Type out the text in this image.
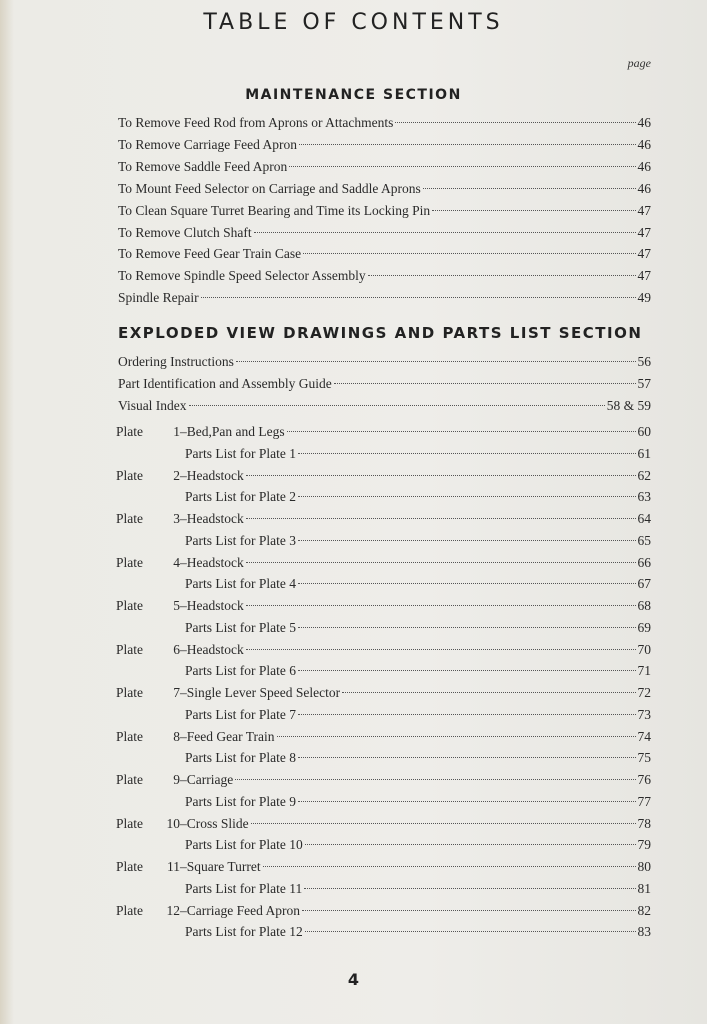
TABLE OF CONTENTS
page
MAINTENANCE SECTION
EXPLODED VIEW DRAWINGS AND PARTS LIST SECTION
To Remove Feed Rod from Aprons or Attachments	46
To Remove Carriage Feed Apron	46
To Remove Saddle Feed Apron	46
To Mount Feed Selector on Carriage and Saddle Aprons	46
To Clean Square Turret Bearing and Time its Locking Pin	47
To Remove Clutch Shaft	47
To Remove Feed Gear Train Case	47
To Remove Spindle Speed Selector Assembly	47
Spindle Repair	49
Ordering Instructions	56
Part Identification and Assembly Guide	57
Visual Index	58 & 59
Plate 1–Bed,Pan and Legs	60
Parts List for Plate 1	61
Plate 2–Headstock	62
Parts List for Plate 2	63
Plate 3–Headstock	64
Parts List for Plate 3	65
Plate 4–Headstock	66
Parts List for Plate 4	67
Plate 5–Headstock	68
Parts List for Plate 5	69
Plate 6–Headstock	70
Parts List for Plate 6	71
Plate 7–Single Lever Speed Selector	72
Parts List for Plate 7	73
Plate 8–Feed Gear Train	74
Parts List for Plate 8	75
Plate 9–Carriage	76
Parts List for Plate 9	77
Plate 10–Cross Slide	78
Parts List for Plate 10	79
Plate 11–Square Turret	80
Parts List for Plate 11	81
Plate 12–Carriage Feed Apron	82
Parts List for Plate 12	83
4
